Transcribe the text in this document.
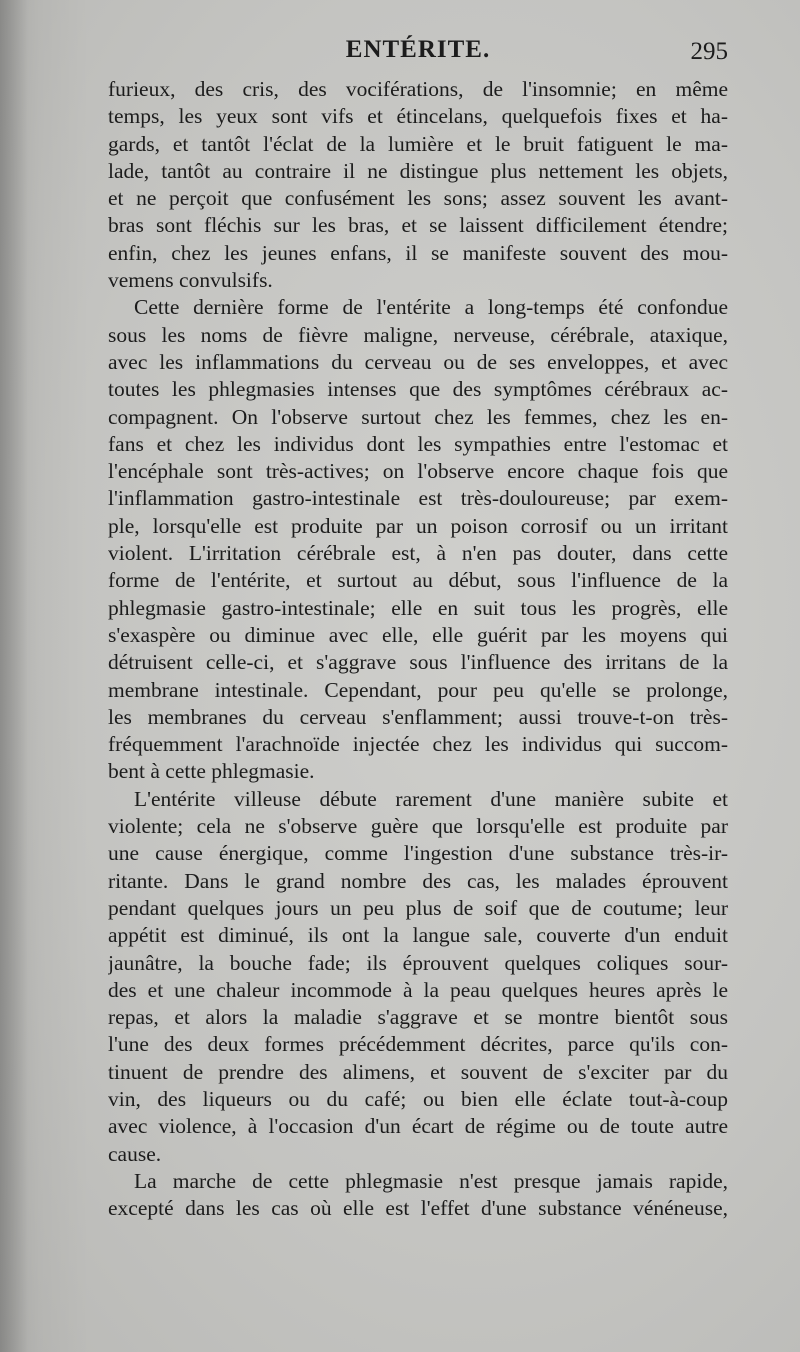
ENTÉRITE.	295
furieux, des cris, des vociférations, de l'insomnie; en même
temps, les yeux sont vifs et étincelans, quelquefois fixes et ha-
gards, et tantôt l'éclat de la lumière et le bruit fatiguent le ma-
lade, tantôt au contraire il ne distingue plus nettement les objets,
et ne perçoit que confusément les sons; assez souvent les avant-
bras sont fléchis sur les bras, et se laissent difficilement étendre;
enfin, chez les jeunes enfans, il se manifeste souvent des mou-
vemens convulsifs.
Cette dernière forme de l'entérite a long-temps été confondue
sous les noms de fièvre maligne, nerveuse, cérébrale, ataxique,
avec les inflammations du cerveau ou de ses enveloppes, et avec
toutes les phlegmasies intenses que des symptômes cérébraux ac-
compagnent. On l'observe surtout chez les femmes, chez les en-
fans et chez les individus dont les sympathies entre l'estomac et
l'encéphale sont très-actives; on l'observe encore chaque fois que
l'inflammation gastro-intestinale est très-douloureuse; par exem-
ple, lorsqu'elle est produite par un poison corrosif ou un irritant
violent. L'irritation cérébrale est, à n'en pas douter, dans cette
forme de l'entérite, et surtout au début, sous l'influence de la
phlegmasie gastro-intestinale; elle en suit tous les progrès, elle
s'exaspère ou diminue avec elle, elle guérit par les moyens qui
détruisent celle-ci, et s'aggrave sous l'influence des irritans de la
membrane intestinale. Cependant, pour peu qu'elle se prolonge,
les membranes du cerveau s'enflamment; aussi trouve-t-on très-
fréquemment l'arachnoïde injectée chez les individus qui succom-
bent à cette phlegmasie.
L'entérite villeuse débute rarement d'une manière subite et
violente; cela ne s'observe guère que lorsqu'elle est produite par
une cause énergique, comme l'ingestion d'une substance très-ir-
ritante. Dans le grand nombre des cas, les malades éprouvent
pendant quelques jours un peu plus de soif que de coutume; leur
appétit est diminué, ils ont la langue sale, couverte d'un enduit
jaunâtre, la bouche fade; ils éprouvent quelques coliques sour-
des et une chaleur incommode à la peau quelques heures après le
repas, et alors la maladie s'aggrave et se montre bientôt sous
l'une des deux formes précédemment décrites, parce qu'ils con-
tinuent de prendre des alimens, et souvent de s'exciter par du
vin, des liqueurs ou du café; ou bien elle éclate tout-à-coup
avec violence, à l'occasion d'un écart de régime ou de toute autre
cause.
La marche de cette phlegmasie n'est presque jamais rapide,
excepté dans les cas où elle est l'effet d'une substance vénéneuse,
